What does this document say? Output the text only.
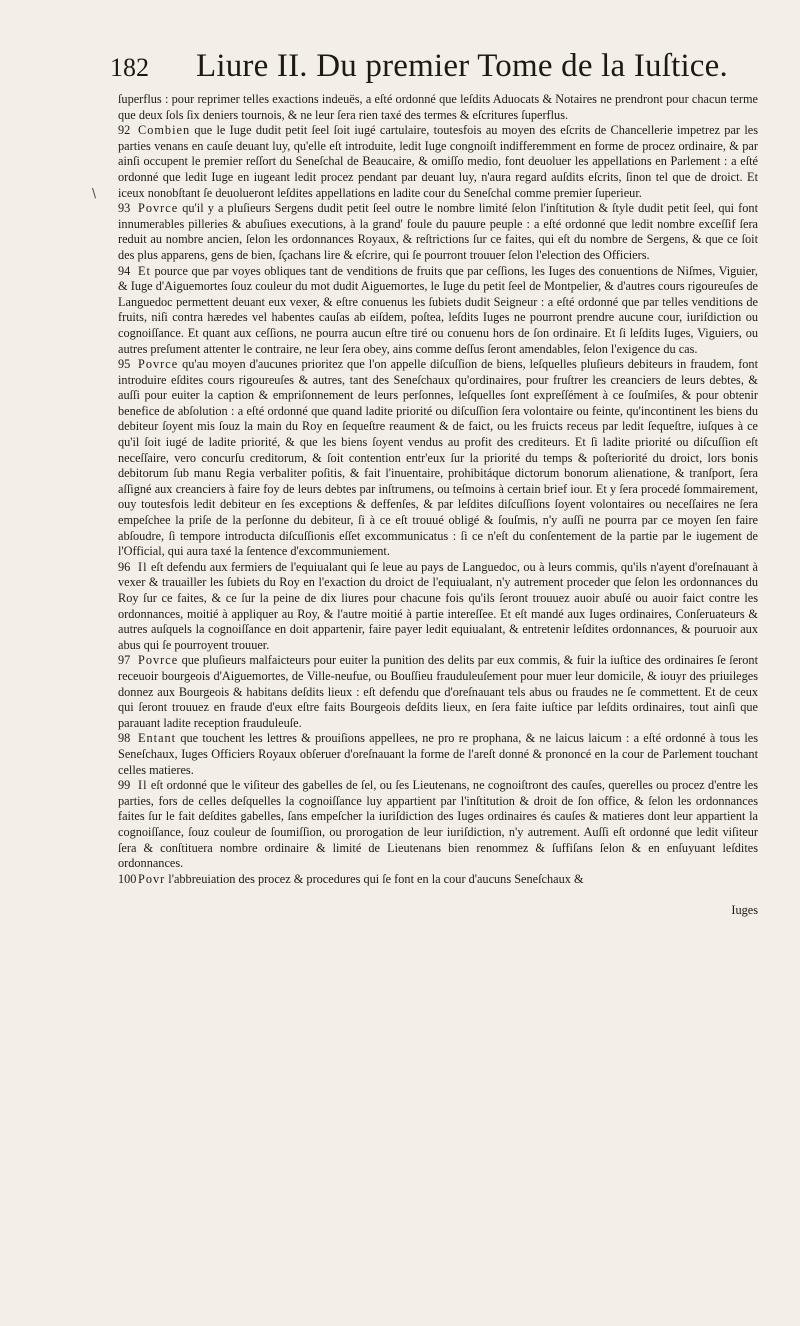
182	Liure II. Du premier Tome de la Iuſtice.
\

ſuperflus : pour reprimer telles exactions indeuës, a eſté ordonné que leſdits Aduocats & Notaires ne prendront pour chacun terme que deux ſols ſix deniers tournois, & ne leur ſera rien taxé des termes & eſcritures ſuperflus.

92 Combien que le Iuge dudit petit ſeel ſoit iugé cartulaire, toutesfois au moyen des eſcrits de Chancellerie impetrez par les parties venans en cauſe deuant luy, qu'elle eſt introduite, ledit Iuge congnoiſt indifferemment en forme de procez ordinaire, & par ainſi occupent le premier reſſort du Seneſchal de Beaucaire, & omiſſo medio, font deuoluer les appellations en Parlement : a eſté ordonné que ledit Iuge en iugeant ledit procez pendant par deuant luy, n'aura regard auſdits eſcrits, ſinon tel que de droict. Et iceux nonobſtant ſe deuolueront leſdites appellations en ladite cour du Seneſchal comme premier ſuperieur.

93 Povrce qu'il y a pluſieurs Sergens dudit petit ſeel outre le nombre limité ſelon l'inſtitution & ſtyle dudit petit ſeel, qui font innumerables pilleries & abuſiues executions, à la grand' foule du pauure peuple : a eſté ordonné que ledit nombre exceſſif ſera reduit au nombre ancien, ſelon les ordonnances Royaux, & reſtrictions ſur ce faites, qui eſt du nombre de Sergens, & que ce ſoit des plus apparens, gens de bien, ſçachans lire & eſcrire, qui ſe pourront trouuer ſelon l'election des Officiers.

94 Et pource que par voyes obliques tant de venditions de fruits que par ceſſions, les Iuges des conuentions de Niſmes, Viguier, & Iuge d'Aiguemortes ſouz couleur du mot dudit Aiguemortes, le Iuge du petit ſeel de Montpelier, & d'autres cours rigoureuſes de Languedoc permettent deuant eux vexer, & eſtre conuenus les ſubiets dudit Seigneur : a eſté ordonné que par telles venditions de fruits, niſi contra hæredes vel habentes cauſas ab eiſdem, poſtea, leſdits Iuges ne pourront prendre aucune cour, iuriſdiction ou cognoiſſance. Et quant aux ceſſions, ne pourra aucun eſtre tiré ou conuenu hors de ſon ordinaire. Et ſi leſdits Iuges, Viguiers, ou autres preſument attenter le contraire, ne leur ſera obey, ains comme deſſus ſeront amendables, ſelon l'exigence du cas.

95 Povrce qu'au moyen d'aucunes prioritez que l'on appelle diſcuſſion de biens, leſquelles pluſieurs debiteurs in fraudem, font introduire eſdites cours rigoureuſes & autres, tant des Seneſchaux qu'ordinaires, pour fruſtrer les creanciers de leurs debtes, & auſſi pour euiter la caption & empriſonnement de leurs perſonnes, leſquelles ſont expreſſément à ce ſouſmiſes, & pour obtenir benefice de abſolution : a eſté ordonné que quand ladite priorité ou diſcuſſion ſera volontaire ou feinte, qu'incontinent les biens du debiteur ſoyent mis ſouz la main du Roy en ſequeſtre reaument & de faict, ou les fruicts receus par ledit ſequeſtre, iuſques à ce qu'il ſoit iugé de ladite priorité, & que les biens ſoyent vendus au profit des crediteurs. Et ſi ladite priorité ou diſcuſſion eſt neceſſaire, vero concurſu creditorum, & ſoit contention entr'eux ſur la priorité du temps & poſteriorité du droict, lors bonis debitorum ſub manu Regia verbaliter poſitis, & fait l'inuentaire, prohibitáque dictorum bonorum alienatione, & tranſport, ſera aſſigné aux creanciers à faire foy de leurs debtes par inſtrumens, ou teſmoins à certain brief iour. Et y ſera procedé ſommairement, ouy toutesfois ledit debiteur en ſes exceptions & deffenſes, & par leſdites diſcuſſions ſoyent volontaires ou neceſſaires ne ſera empeſchee la priſe de la perſonne du debiteur, ſi à ce eſt trouué obligé & ſouſmis, n'y auſſi ne pourra par ce moyen ſen faire abſoudre, ſi tempore introducta diſcuſſionis eſſet excommunicatus : ſi ce n'eſt du conſentement de la partie par le iugement de l'Official, qui aura taxé la ſentence d'excommuniement.

96 Il eſt defendu aux fermiers de l'equiualant qui ſe leue au pays de Languedoc, ou à leurs commis, qu'ils n'ayent d'oreſnauant à vexer & trauailler les ſubiets du Roy en l'exaction du droict de l'equiualant, n'y autrement proceder que ſelon les ordonnances du Roy ſur ce faites, & ce ſur la peine de dix liures pour chacune fois qu'ils ſeront trouuez auoir abuſé ou auoir faict contre les ordonnances, moitié à appliquer au Roy, & l'autre moitié à partie intereſſee. Et eſt mandé aux Iuges ordinaires, Conſeruateurs & autres auſquels la cognoiſſance en doit appartenir, faire payer ledit equiualant, & entretenir leſdites ordonnances, & pouruoir aux abus qui ſe pourroyent trouuer.

97 Povrce que pluſieurs malfaicteurs pour euiter la punition des delits par eux commis, & fuir la iuſtice des ordinaires ſe ſeront receuoir bourgeois d'Aiguemortes, de Ville-neufue, ou Bouſſieu frauduleuſement pour muer leur domicile, & iouyr des priuileges donnez aux Bourgeois & habitans deſdits lieux : eſt defendu que d'oreſnauant tels abus ou fraudes ne ſe commettent. Et de ceux qui ſeront trouuez en fraude d'eux eſtre faits Bourgeois deſdits lieux, en ſera faite iuſtice par leſdits ordinaires, tout ainſi que parauant ladite reception frauduleuſe.

98 Entant que touchent les lettres & prouiſions appellees, ne pro re prophana, & ne laicus laicum : a eſté ordonné à tous les Seneſchaux, Iuges Officiers Royaux obſeruer d'oreſnauant la forme de l'areſt donné & prononcé en la cour de Parlement touchant celles matieres.

99 Il eſt ordonné que le viſiteur des gabelles de ſel, ou ſes Lieutenans, ne cognoiſtront des cauſes, querelles ou procez d'entre les parties, fors de celles deſquelles la cognoiſſance luy appartient par l'inſtitution & droit de ſon office, & ſelon les ordonnances faites ſur le fait deſdites gabelles, ſans empeſcher la iuriſdiction des Iuges ordinaires és cauſes & matieres dont leur appartient la cognoiſſance, ſouz couleur de ſoumiſſion, ou prorogation de leur iuriſdiction, n'y autrement. Auſſi eſt ordonné que ledit viſiteur ſera & conſtituera nombre ordinaire & limité de Lieutenans bien renommez & ſuffiſans ſelon & en enſuyuant leſdites ordonnances.

100 Povr l'abbreuiation des procez & procedures qui ſe font en la cour d'aucuns Seneſchaux &

Iuges
